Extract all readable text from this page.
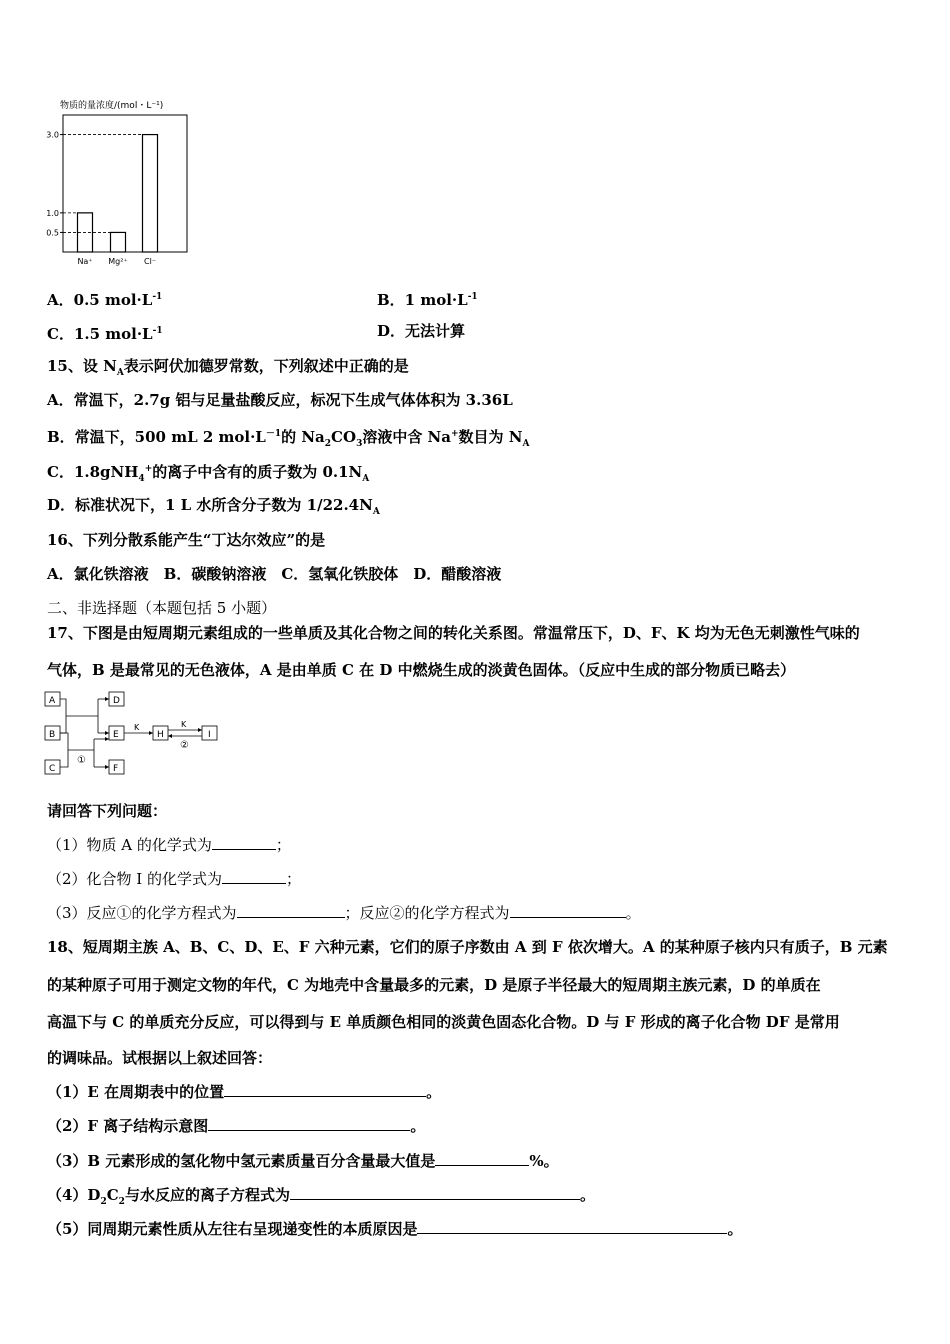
物质的量浓度/(mol・L⁻¹)
Na⁺ Mg²⁺ Cl⁻
0.5
1.0
3.0
A．0.5 $mol\cdot L^{-1}$	B．1 $mol\cdot L^{-1}$
C．1.5 $mol\cdot L^{-1}$	D．无法计算
15、设 $N_A$表示阿伏加德罗常数，下列叙述中正确的是
A．常温下，2.7g 铝与足量盐酸反应，标况下生成气体体积为 3.36L
B．常温下，500 mL 2 $mol\cdot L^{-1}$的 $Na_2CO_3$溶液中含 Na+数目为 $N_A$
C．1.8gNH$_4$+的离子中含有的质子数为 $0.1N_A$
D．标准状况下，1 L 水所含分子数为 $1/22.4N_A$
16、下列分散系能产生“丁达尔效应”的是
A．氯化铁溶液　B．碳酸钠溶液　C．氢氧化铁胶体　D．醋酸溶液
二、非选择题（本题包括 5 小题）
17、下图是由短周期元素组成的一些单质及其化合物之间的转化关系图。常温常压下，D、F、K 均为无色无刺激性气味的
气体，B 是最常见的无色液体，A 是由单质 C 在 D 中燃烧生成的淡黄色固体。（反应中生成的部分物质已略去）
A
B
C
D
E
F
H	I
K	K
①
②
请回答下列问题：
（1）物质 A 的化学式为	；
（2）化合物 I 的化学式为	；
（3）反应①的化学方程式为	；反应②的化学方程式为	。
18、短周期主族 A、B、C、D、E、F 六种元素，它们的原子序数由 A 到 F 依次增大。A 的某种原子核内只有质子，B 元素
的某种原子可用于测定文物的年代，C 为地壳中含量最多的元素，D 是原子半径最大的短周期主族元素，D 的单质在
高温下与 C 的单质充分反应，可以得到与 E 单质颜色相同的淡黄色固态化合物。D 与 F 形成的离子化合物 DF 是常用
的调味品。试根据以上叙述回答：
（1）E 在周期表中的位置	。
（2）F 离子结构示意图	。
（3）B 元素形成的氢化物中氢元素质量百分含量最大值是	%。
$(4)D_2C_2$与水反应的离子方程式为	。
（5）同周期元素性质从左往右呈现递变性的本质原因是	。
